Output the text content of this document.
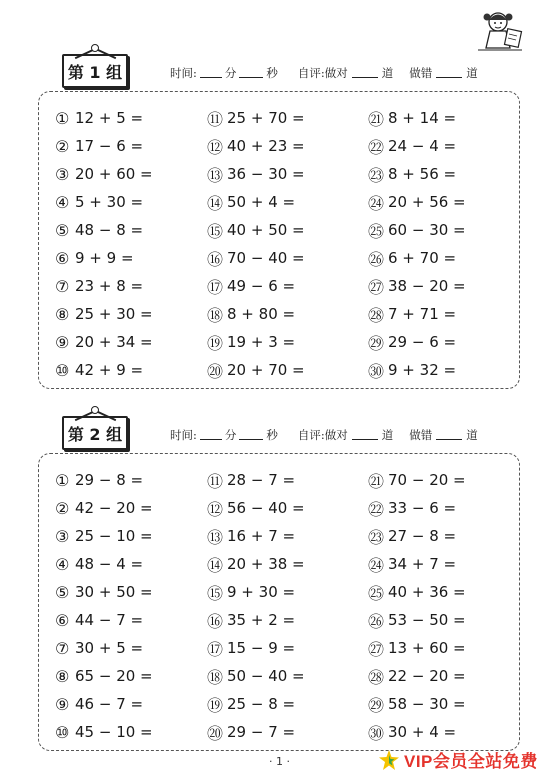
第 1 组	时间: 分	秒 自评:做对	道 做错	道
① 12 + 5 =
② 17 − 6 =
③ 20 + 60 =
④ 5 + 30 =
⑤ 48 − 8 =
⑥ 9 + 9 =
⑦ 23 + 8 =
⑧ 25 + 30 =
⑨ 20 + 34 =
⑩ 42 + 9 =
⑪ 25 + 70 =
⑫ 40 + 23 =
⑬ 36 − 30 =
⑭ 50 + 4 =
⑮ 40 + 50 =
⑯ 70 − 40 =
⑰ 49 − 6 =
⑱ 8 + 80 =
⑲ 19 + 3 =
⑳ 20 + 70 =
㉑ 8 + 14 =
㉒ 24 − 4 =
㉓ 8 + 56 =
㉔ 20 + 56 =
㉕ 60 − 30 =
㉖ 6 + 70 =
㉗ 38 − 20 =
㉘ 7 + 71 =
㉙ 29 − 6 =
㉚ 9 + 32 =
第 2 组	时间: 分	秒 自评:做对	道 做错	道
① 29 − 8 =
② 42 − 20 =
③ 25 − 10 =
④ 48 − 4 =
⑤ 30 + 50 =
⑥ 44 − 7 =
⑦ 30 + 5 =
⑧ 65 − 20 =
⑨ 46 − 7 =
⑩ 45 − 10 =
⑪ 28 − 7 =
⑫ 56 − 40 =
⑬ 16 + 7 =
⑭ 20 + 38 =
⑮ 9 + 30 =
⑯ 35 + 2 =
⑰ 15 − 9 =
⑱ 50 − 40 =
⑲ 25 − 8 =
⑳ 29 − 7 =
㉑ 70 − 20 =
㉒ 33 − 6 =
㉓ 27 − 8 =
㉔ 34 + 7 =
㉕ 40 + 36 =
㉖ 53 − 50 =
㉗ 13 + 60 =
㉘ 22 − 20 =
㉙ 58 − 30 =
㉚ 30 + 4 =
· 1 ·	VIP会员全站免费
